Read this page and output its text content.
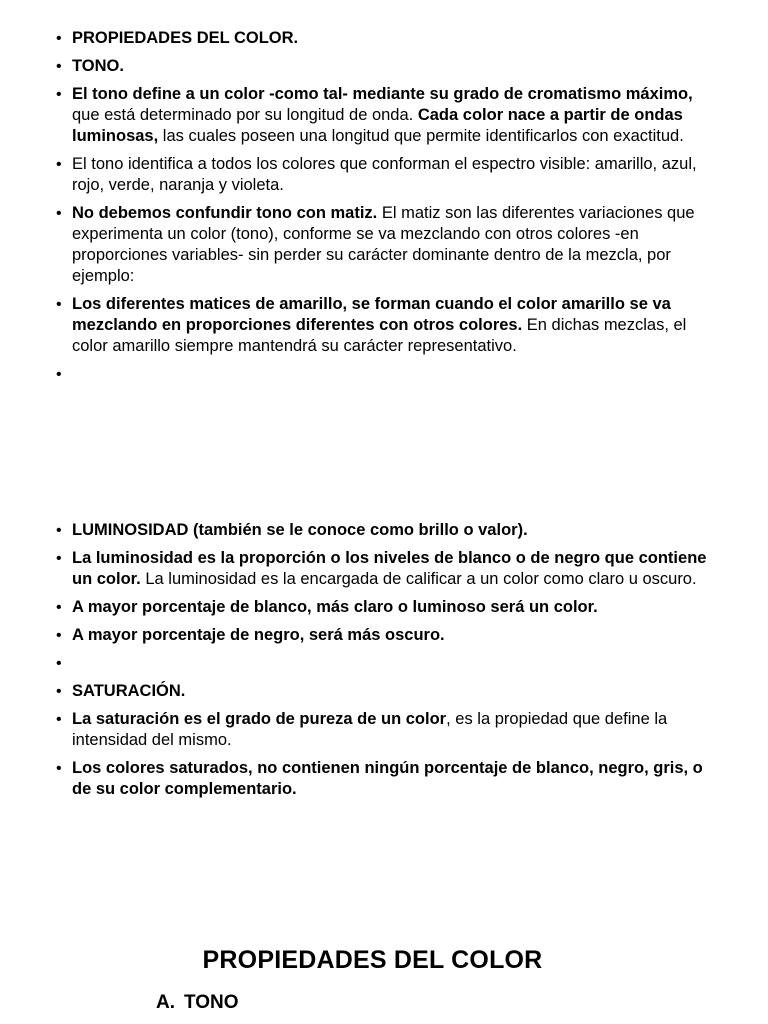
• PROPIEDADES DEL COLOR.
• TONO.
• El tono define a un color -como tal- mediante su grado de cromatismo máximo, que está determinado por su longitud de onda. Cada color nace a partir de ondas luminosas, las cuales poseen una longitud que permite identificarlos con exactitud.
• El tono identifica a todos los colores que conforman el espectro visible: amarillo, azul, rojo, verde, naranja y violeta.
• No debemos confundir tono con matiz. El matiz son las diferentes variaciones que experimenta un color (tono), conforme se va mezclando con otros colores -en proporciones variables- sin perder su carácter dominante dentro de la mezcla, por ejemplo:
• Los diferentes matices de amarillo, se forman cuando el color amarillo se va mezclando en proporciones diferentes con otros colores. En dichas mezclas, el color amarillo siempre mantendrá su carácter representativo.
•
• LUMINOSIDAD (también se le conoce como brillo o valor).
• La luminosidad es la proporción o los niveles de blanco o de negro que contiene un color. La luminosidad es la encargada de calificar a un color como claro u oscuro.
• A mayor porcentaje de blanco, más claro o luminoso será un color.
• A mayor porcentaje de negro, será más oscuro.
•
• SATURACIÓN.
• La saturación es el grado de pureza de un color, es la propiedad que define la intensidad del mismo.
• Los colores saturados, no contienen ningún porcentaje de blanco, negro, gris, o de su color complementario.
PROPIEDADES DEL COLOR
A. TONO
